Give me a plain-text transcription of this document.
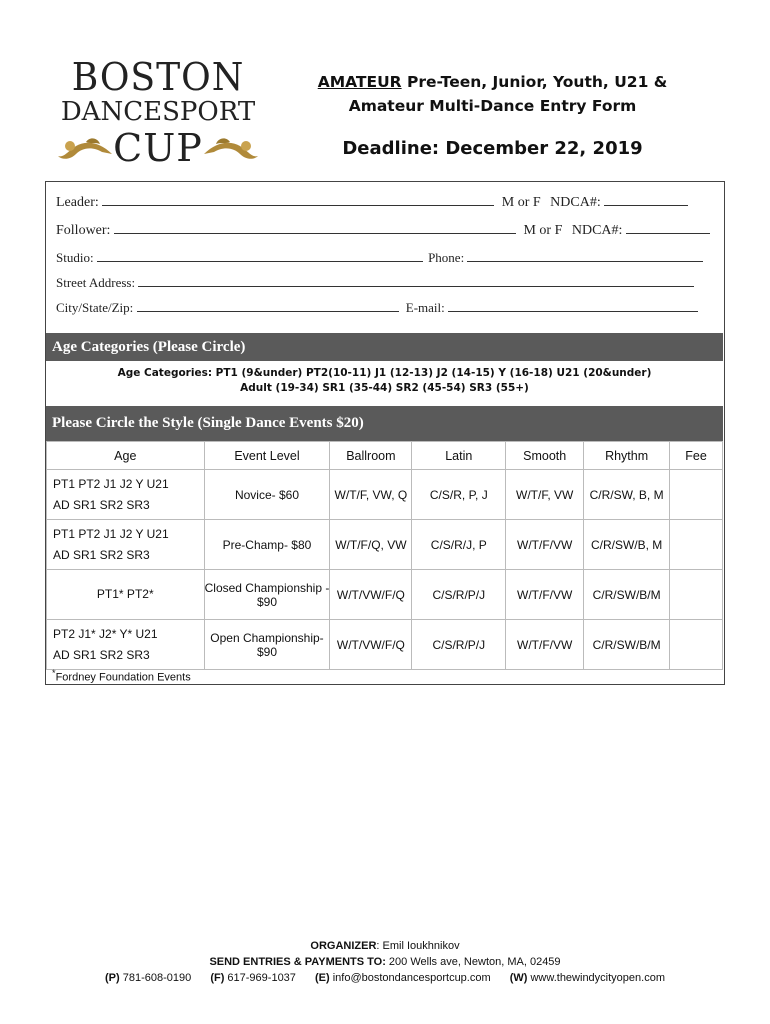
BOSTON
DANCESPORT
CUP
AMATEUR Pre-Teen, Junior, Youth, U21 &
Amateur Multi-Dance Entry Form
Deadline: December 22, 2019
Leader:	M or F NDCA#:
Follower:	M or F NDCA#:
Studio:	Phone:
Street Address:
City/State/Zip:	E-mail:
Age Categories (Please Circle)
Age Categories: PT1 (9&under) PT2(10-11) J1 (12-13) J2 (14-15) Y (16-18) U21 (20&under)
Adult (19-34) SR1 (35-44) SR2 (45-54) SR3 (55+)
Please Circle the Style (Single Dance Events $20)
Age	Event Level	Ballroom	Latin	Smooth	Rhythm	Fee

PT1 PT2 J1 J2 Y U21
AD SR1 SR2 SR3	Novice- $60	W/T/F, VW, Q	C/S/R, P, J	W/T/F, VW	C/R/SW, B, M	

PT1 PT2 J1 J2 Y U21
AD SR1 SR2 SR3	Pre-Champ- $80	W/T/F/Q, VW	C/S/R/J, P	W/T/F/VW	C/R/SW/B, M	

PT1* PT2*	Closed Championship - $90	W/T/VW/F/Q	C/S/R/P/J	W/T/F/VW	C/R/SW/B/M	

PT2 J1* J2* Y* U21
AD SR1 SR2 SR3	Open Championship- $90	W/T/VW/F/Q	C/S/R/P/J	W/T/F/VW	C/R/SW/B/M	
*Fordney Foundation Events
ORGANIZER: Emil Ioukhnikov
SEND ENTRIES & PAYMENTS TO: 200 Wells ave, Newton, MA, 02459
(P) 781-608-0190 (F) 617-969-1037 (E) info@bostondancesportcup.com (W) www.thewindycityopen.com
